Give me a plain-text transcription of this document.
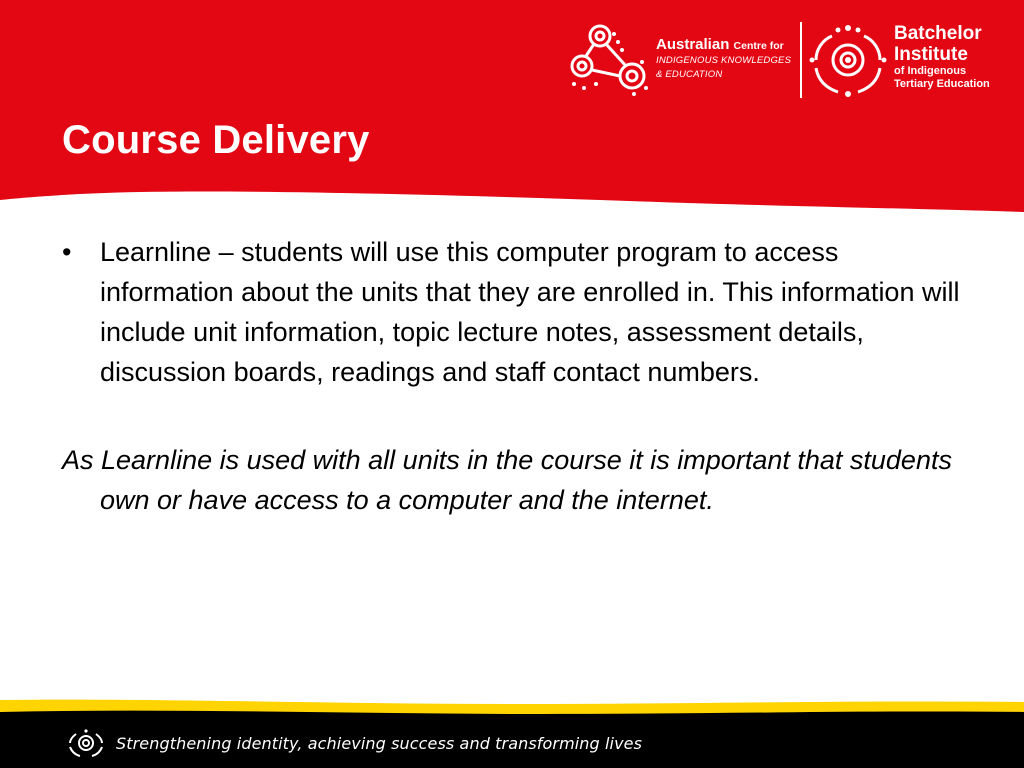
Course Delivery
Australian Centre for
INDIGENOUS KNOWLEDGES
& EDUCATION
Batchelor
Institute
of Indigenous
Tertiary Education

• Learnline – students will use this computer program to access information about the units that they are enrolled in. This information will include unit information, topic lecture notes, assessment details, discussion boards, readings and staff contact numbers.

As Learnline is used with all units in the course it is important that students own or have access to a computer and the internet.

Strengthening identity, achieving success and transforming lives
